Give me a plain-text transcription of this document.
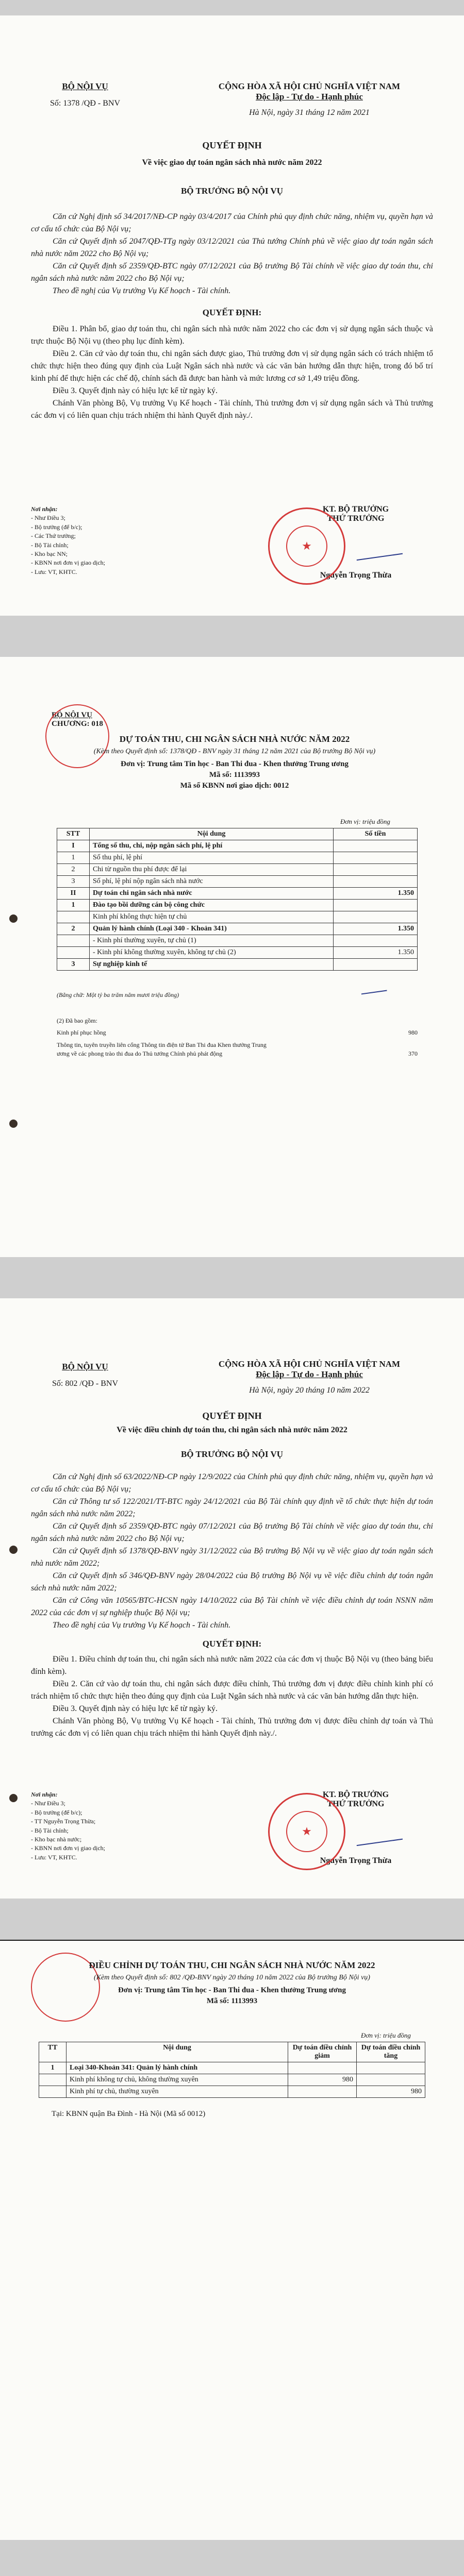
BỘ NỘI VỤ
Số: 1378 /QĐ - BNV
CỘNG HÒA XÃ HỘI CHỦ NGHĨA VIỆT NAM
Độc lập - Tự do - Hạnh phúc
Hà Nội, ngày 31 tháng 12 năm 2021
QUYẾT ĐỊNH
Về việc giao dự toán ngân sách nhà nước năm 2022
BỘ TRƯỞNG BỘ NỘI VỤ

Căn cứ Nghị định số 34/2017/NĐ-CP ngày 03/4/2017 của Chính phủ quy định chức năng, nhiệm vụ, quyền hạn và cơ cấu tổ chức của Bộ Nội vụ;

Căn cứ Quyết định số 2047/QĐ-TTg ngày 03/12/2021 của Thủ tướng Chính phủ về việc giao dự toán ngân sách nhà nước năm 2022 cho Bộ Nội vụ;

Căn cứ Quyết định số 2359/QĐ-BTC ngày 07/12/2021 của Bộ trưởng Bộ Tài chính về việc giao dự toán thu, chi ngân sách nhà nước năm 2022 cho Bộ Nội vụ;

Theo đề nghị của Vụ trưởng Vụ Kế hoạch - Tài chính.

QUYẾT ĐỊNH:

Điều 1. Phân bổ, giao dự toán thu, chi ngân sách nhà nước năm 2022 cho các đơn vị sử dụng ngân sách thuộc và trực thuộc Bộ Nội vụ (theo phụ lục đính kèm).

Điều 2. Căn cứ vào dự toán thu, chi ngân sách được giao, Thủ trưởng đơn vị sử dụng ngân sách có trách nhiệm tổ chức thực hiện theo đúng quy định của Luật Ngân sách nhà nước và các văn bản hướng dẫn thực hiện, trong đó bố trí kinh phí để thực hiện các chế độ, chính sách đã được ban hành và mức lương cơ sở 1,49 triệu đồng.

Điều 3. Quyết định này có hiệu lực kể từ ngày ký.

Chánh Văn phòng Bộ, Vụ trưởng Vụ Kế hoạch - Tài chính, Thủ trưởng đơn vị sử dụng ngân sách và Thủ trưởng các đơn vị có liên quan chịu trách nhiệm thi hành Quyết định này./.

Nơi nhận:
- Như Điều 3;
- Bộ trưởng (để b/c);
- Các Thứ trưởng;
- Bộ Tài chính;
- Kho bạc NN;
- KBNN nơi đơn vị giao dịch;
- Lưu: VT, KHTC.
KT. BỘ TRƯỞNG
THỨ TRƯỞNG
Nguyễn Trọng Thừa
★
BỘ NỘI VỤ
CHƯƠNG: 018
DỰ TOÁN THU, CHI NGÂN SÁCH NHÀ NƯỚC NĂM 2022
(Kèm theo Quyết định số: 1378/QĐ - BNV ngày 31 tháng 12 năm 2021 của Bộ trưởng Bộ Nội vụ)
Đơn vị: Trung tâm Tin học - Ban Thi đua - Khen thưởng Trung ương
Mã số: 1113993
Mã số KBNN nơi giao dịch: 0012
Đơn vị: triệu đồng
STT	Nội dung	Số tiền
I	Tổng số thu, chi, nộp ngân sách phí, lệ phí	
1	Số thu phí, lệ phí	
2	Chi từ nguồn thu phí được để lại	
3	Số phí, lệ phí nộp ngân sách nhà nước	
II	Dự toán chi ngân sách nhà nước	1.350
1	Đào tạo bồi dưỡng cán bộ công chức	
	Kinh phí không thực hiện tự chủ	
2	Quản lý hành chính (Loại 340 - Khoản 341)	1.350
	- Kinh phí thường xuyên, tự chủ (1)	
	- Kinh phí không thường xuyên, không tự chủ (2)	1.350
3	Sự nghiệp kinh tế	
(Bằng chữ: Một tỷ ba trăm năm mươi triệu đồng)
(2) Đã bao gồm:
Kinh phí phục hồng	980
Thông tin, tuyên truyền liên cổng Thông tin điện tử Ban Thi đua Khen thưởng Trung ương về các phong trào thi đua do Thủ tướng Chính phủ phát động	370
BỘ NỘI VỤ
Số: 802 /QĐ - BNV
CỘNG HÒA XÃ HỘI CHỦ NGHĨA VIỆT NAM
Độc lập - Tự do - Hạnh phúc
Hà Nội, ngày 20 tháng 10 năm 2022
QUYẾT ĐỊNH
Về việc điều chỉnh dự toán thu, chi ngân sách nhà nước năm 2022
BỘ TRƯỞNG BỘ NỘI VỤ

Căn cứ Nghị định số 63/2022/NĐ-CP ngày 12/9/2022 của Chính phủ quy định chức năng, nhiệm vụ, quyền hạn và cơ cấu tổ chức của Bộ Nội vụ;

Căn cứ Thông tư số 122/2021/TT-BTC ngày 24/12/2021 của Bộ Tài chính quy định về tổ chức thực hiện dự toán ngân sách nhà nước năm 2022;

Căn cứ Quyết định số 2359/QĐ-BTC ngày 07/12/2021 của Bộ trưởng Bộ Tài chính về việc giao dự toán thu, chi ngân sách nhà nước năm 2022 cho Bộ Nội vụ;

Căn cứ Quyết định số 1378/QĐ-BNV ngày 31/12/2022 của Bộ trưởng Bộ Nội vụ về việc giao dự toán ngân sách nhà nước năm 2022;

Căn cứ Quyết định số 346/QĐ-BNV ngày 28/04/2022 của Bộ trưởng Bộ Nội vụ về việc điều chỉnh dự toán ngân sách nhà nước năm 2022;

Căn cứ Công văn 10565/BTC-HCSN ngày 14/10/2022 của Bộ Tài chính về việc điều chỉnh dự toán NSNN năm 2022 của các đơn vị sự nghiệp thuộc Bộ Nội vụ;

Theo đề nghị của Vụ trưởng Vụ Kế hoạch - Tài chính.

QUYẾT ĐỊNH:

Điều 1. Điều chỉnh dự toán thu, chi ngân sách nhà nước năm 2022 của các đơn vị thuộc Bộ Nội vụ (theo bảng biểu đính kèm).

Điều 2. Căn cứ vào dự toán thu, chi ngân sách được điều chỉnh, Thủ trưởng đơn vị được điều chỉnh kinh phí có trách nhiệm tổ chức thực hiện theo đúng quy định của Luật Ngân sách nhà nước và các văn bản hướng dẫn thực hiện.

Điều 3. Quyết định này có hiệu lực kể từ ngày ký.

Chánh Văn phòng Bộ, Vụ trưởng Vụ Kế hoạch - Tài chính, Thủ trưởng đơn vị được điều chỉnh dự toán và Thủ trưởng các đơn vị có liên quan chịu trách nhiệm thi hành Quyết định này./.

Nơi nhận:
- Như Điều 3;
- Bộ trưởng (để b/c);
- TT Nguyễn Trọng Thừa;
- Bộ Tài chính;
- Kho bạc nhà nước;
- KBNN nơi đơn vị giao dịch;
- Lưu: VT, KHTC.
KT. BỘ TRƯỞNG
THỨ TRƯỞNG
Nguyễn Trọng Thừa
★
ĐIỀU CHỈNH DỰ TOÁN THU, CHI NGÂN SÁCH NHÀ NƯỚC NĂM 2022
(Kèm theo Quyết định số: 802 /QĐ-BNV ngày 20 tháng 10 năm 2022 của Bộ trưởng Bộ Nội vụ)
Đơn vị: Trung tâm Tin học - Ban Thi đua - Khen thưởng Trung ương
Mã số: 1113993
Đơn vị: triệu đồng
TT	Nội dung	Dự toán điều chỉnh giảm	Dự toán điều chỉnh tăng
1	Loại 340-Khoản 341: Quản lý hành chính		
	Kinh phí không tự chủ, không thường xuyên	980	
	Kinh phí tự chủ, thường xuyên		980
Tại: KBNN quận Ba Đình - Hà Nội (Mã số 0012)
